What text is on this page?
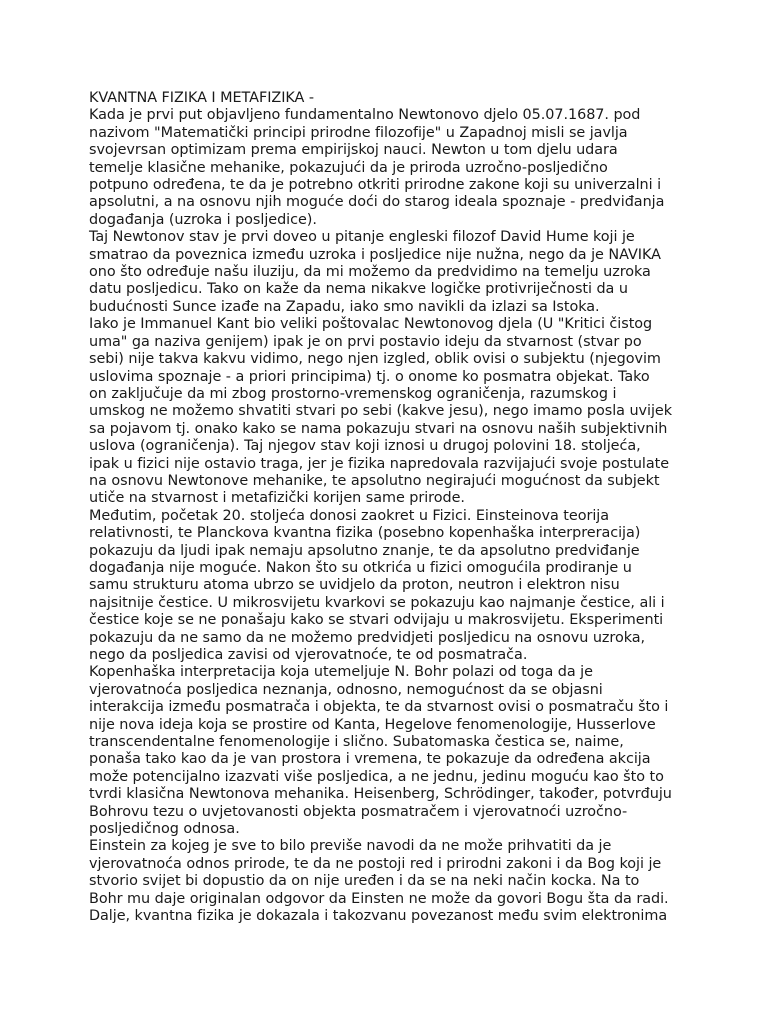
KVANTNA FIZIKA I METAFIZIKA -
Kada je prvi put objavljeno fundamentalno Newtonovo djelo 05.07.1687. pod
nazivom "Matematički principi prirodne filozofije" u Zapadnoj misli se javlja
svojevrsan optimizam prema empirijskoj nauci. Newton u tom djelu udara
temelje klasične mehanike, pokazujući da je priroda uzročno-posljedično
potpuno određena, te da je potrebno otkriti prirodne zakone koji su univerzalni i
apsolutni, a na osnovu njih moguće doći do starog ideala spoznaje - predviđanja
događanja (uzroka i posljedice).
Taj Newtonov stav je prvi doveo u pitanje engleski filozof David Hume koji je
smatrao da poveznica između uzroka i posljedice nije nužna, nego da je NAVIKA
ono što određuje našu iluziju, da mi možemo da predvidimo na temelju uzroka
datu posljedicu. Tako on kaže da nema nikakve logičke protivriječnosti da u
budućnosti Sunce izađe na Zapadu, iako smo navikli da izlazi sa Istoka.
Iako je Immanuel Kant bio veliki poštovalac Newtonovog djela (U "Kritici čistog
uma" ga naziva genijem) ipak je on prvi postavio ideju da stvarnost (stvar po
sebi) nije takva kakvu vidimo, nego njen izgled, oblik ovisi o subjektu (njegovim
uslovima spoznaje - a priori principima) tj. o onome ko posmatra objekat. Tako
on zaključuje da mi zbog prostorno-vremenskog ograničenja, razumskog i
umskog ne možemo shvatiti stvari po sebi (kakve jesu), nego imamo posla uvijek
sa pojavom tj. onako kako se nama pokazuju stvari na osnovu naših subjektivnih
uslova (ograničenja). Taj njegov stav koji iznosi u drugoj polovini 18. stoljeća,
ipak u fizici nije ostavio traga, jer je fizika napredovala razvijajući svoje postulate
na osnovu Newtonove mehanike, te apsolutno negirajući mogućnost da subjekt
utiče na stvarnost i metafizički korijen same prirode.
Međutim, početak 20. stoljeća donosi zaokret u Fizici. Einsteinova teorija
relativnosti, te Planckova kvantna fizika (posebno kopenhaška interpreracija)
pokazuju da ljudi ipak nemaju apsolutno znanje, te da apsolutno predviđanje
događanja nije moguće. Nakon što su otkrića u fizici omogućila prodiranje u
samu strukturu atoma ubrzo se uvidjelo da proton, neutron i elektron nisu
najsitnije čestice. U mikrosvijetu kvarkovi se pokazuju kao najmanje čestice, ali i
čestice koje se ne ponašaju kako se stvari odvijaju u makrosvijetu. Eksperimenti
pokazuju da ne samo da ne možemo predvidjeti posljedicu na osnovu uzroka,
nego da posljedica zavisi od vjerovatnoće, te od posmatrača.
Kopenhaška interpretacija koja utemeljuje N. Bohr polazi od toga da je
vjerovatnoća posljedica neznanja, odnosno, nemogućnost da se objasni
interakcija između posmatrača i objekta, te da stvarnost ovisi o posmatraču što i
nije nova ideja koja se prostire od Kanta, Hegelove fenomenologije, Husserlove
transcendentalne fenomenologije i slično. Subatomaska čestica se, naime,
ponaša tako kao da je van prostora i vremena, te pokazuje da određena akcija
može potencijalno izazvati više posljedica, a ne jednu, jedinu moguću kao što to
tvrdi klasična Newtonova mehanika. Heisenberg, Schrödinger, također, potvrđuju
Bohrovu tezu o uvjetovanosti objekta posmatračem i vjerovatnoći uzročno-
posljedičnog odnosa.
Einstein za kojeg je sve to bilo previše navodi da ne može prihvatiti da je
vjerovatnoća odnos prirode, te da ne postoji red i prirodni zakoni i da Bog koji je
stvorio svijet bi dopustio da on nije uređen i da se na neki način kocka. Na to
Bohr mu daje originalan odgovor da Einsten ne može da govori Bogu šta da radi.
Dalje, kvantna fizika je dokazala i takozvanu povezanost među svim elektronima
